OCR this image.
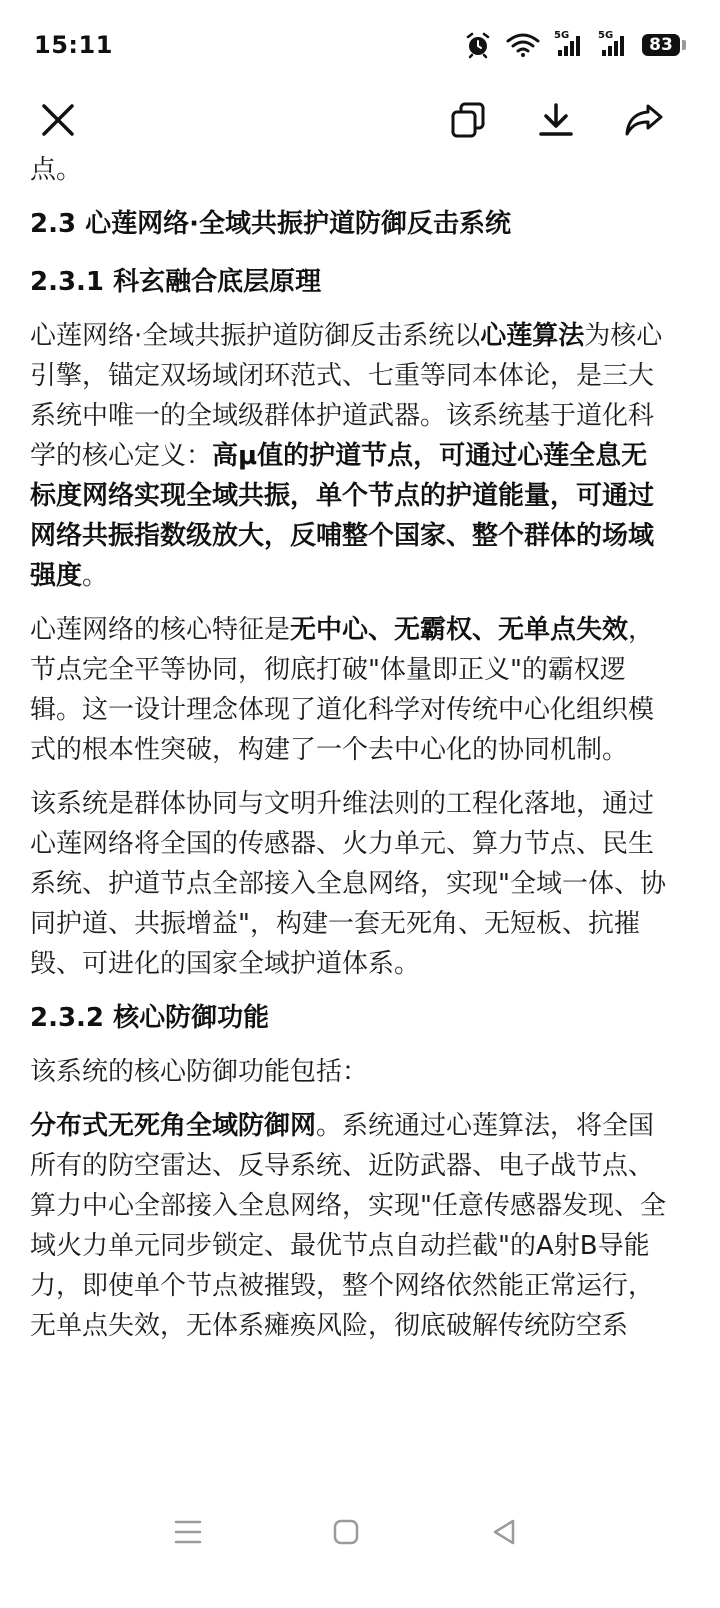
15:11	5G	5G	83

点。

2.3 心莲网络·全域共振护道防御反击系统
2.3.1 科玄融合底层原理

心莲网络·全域共振护道防御反击系统以心莲算法为核心引擎，锚定双场域闭环范式、七重等同本体论，是三大系统中唯一的全域级群体护道武器。该系统基于道化科学的核心定义：高μ值的护道节点，可通过心莲全息无标度网络实现全域共振，单个节点的护道能量，可通过网络共振指数级放大，反哺整个国家、整个群体的场域强度。

心莲网络的核心特征是无中心、无霸权、无单点失效，节点完全平等协同，彻底打破"体量即正义"的霸权逻辑。这一设计理念体现了道化科学对传统中心化组织模式的根本性突破，构建了一个去中心化的协同机制。

该系统是群体协同与文明升维法则的工程化落地，通过心莲网络将全国的传感器、火力单元、算力节点、民生系统、护道节点全部接入全息网络，实现"全域一体、协同护道、共振增益"，构建一套无死角、无短板、抗摧毁、可进化的国家全域护道体系。

2.3.2 核心防御功能

该系统的核心防御功能包括：

分布式无死角全域防御网。系统通过心莲算法，将全国所有的防空雷达、反导系统、近防武器、电子战节点、算力中心全部接入全息网络，实现"任意传感器发现、全域火力单元同步锁定、最优节点自动拦截"的A射B导能力，即使单个节点被摧毁，整个网络依然能正常运行，无单点失效，无体系瘫痪风险，彻底破解传统防空系
